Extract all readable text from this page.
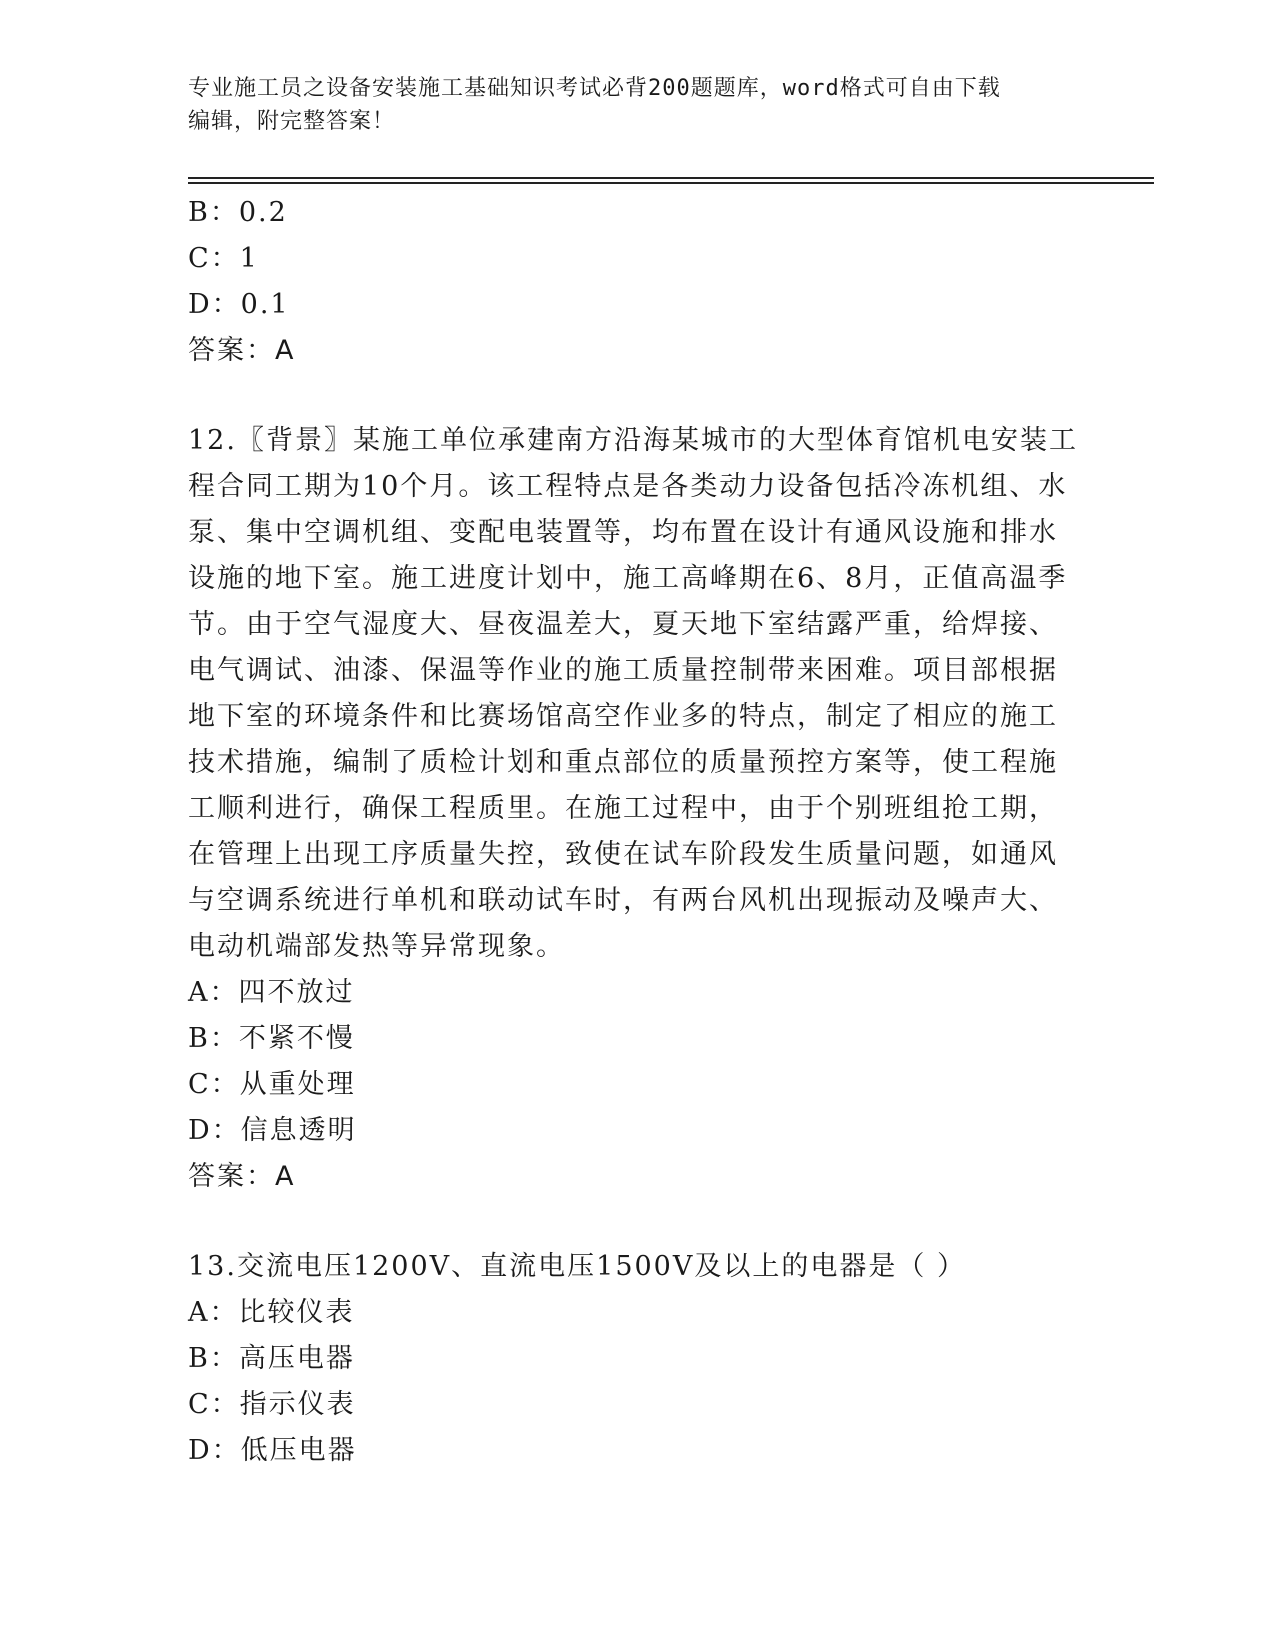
专业施工员之设备安装施工基础知识考试必背200题题库，word格式可自由下载
编辑，附完整答案！
B：0.2
C：1
D：0.1
答案：A
12.〖背景〗某施工单位承建南方沿海某城市的大型体育馆机电安装工
程合同工期为10个月。该工程特点是各类动力设备包括冷冻机组、水
泵、集中空调机组、变配电装置等，均布置在设计有通风设施和排水
设施的地下室。施工进度计划中，施工高峰期在6、8月，正值高温季
节。由于空气湿度大、昼夜温差大，夏天地下室结露严重，给焊接、
电气调试、油漆、保温等作业的施工质量控制带来困难。项目部根据
地下室的环境条件和比赛场馆高空作业多的特点，制定了相应的施工
技术措施，编制了质检计划和重点部位的质量预控方案等，使工程施
工顺利进行，确保工程质里。在施工过程中，由于个别班组抢工期，
在管理上出现工序质量失控，致使在试车阶段发生质量问题，如通风
与空调系统进行单机和联动试车时，有两台风机出现振动及噪声大、
电动机端部发热等异常现象。
A：四不放过
B：不紧不慢
C：从重处理
D：信息透明
答案：A
13.交流电压1200V、直流电压1500V及以上的电器是（ ）
A：比较仪表
B：高压电器
C：指示仪表
D：低压电器
